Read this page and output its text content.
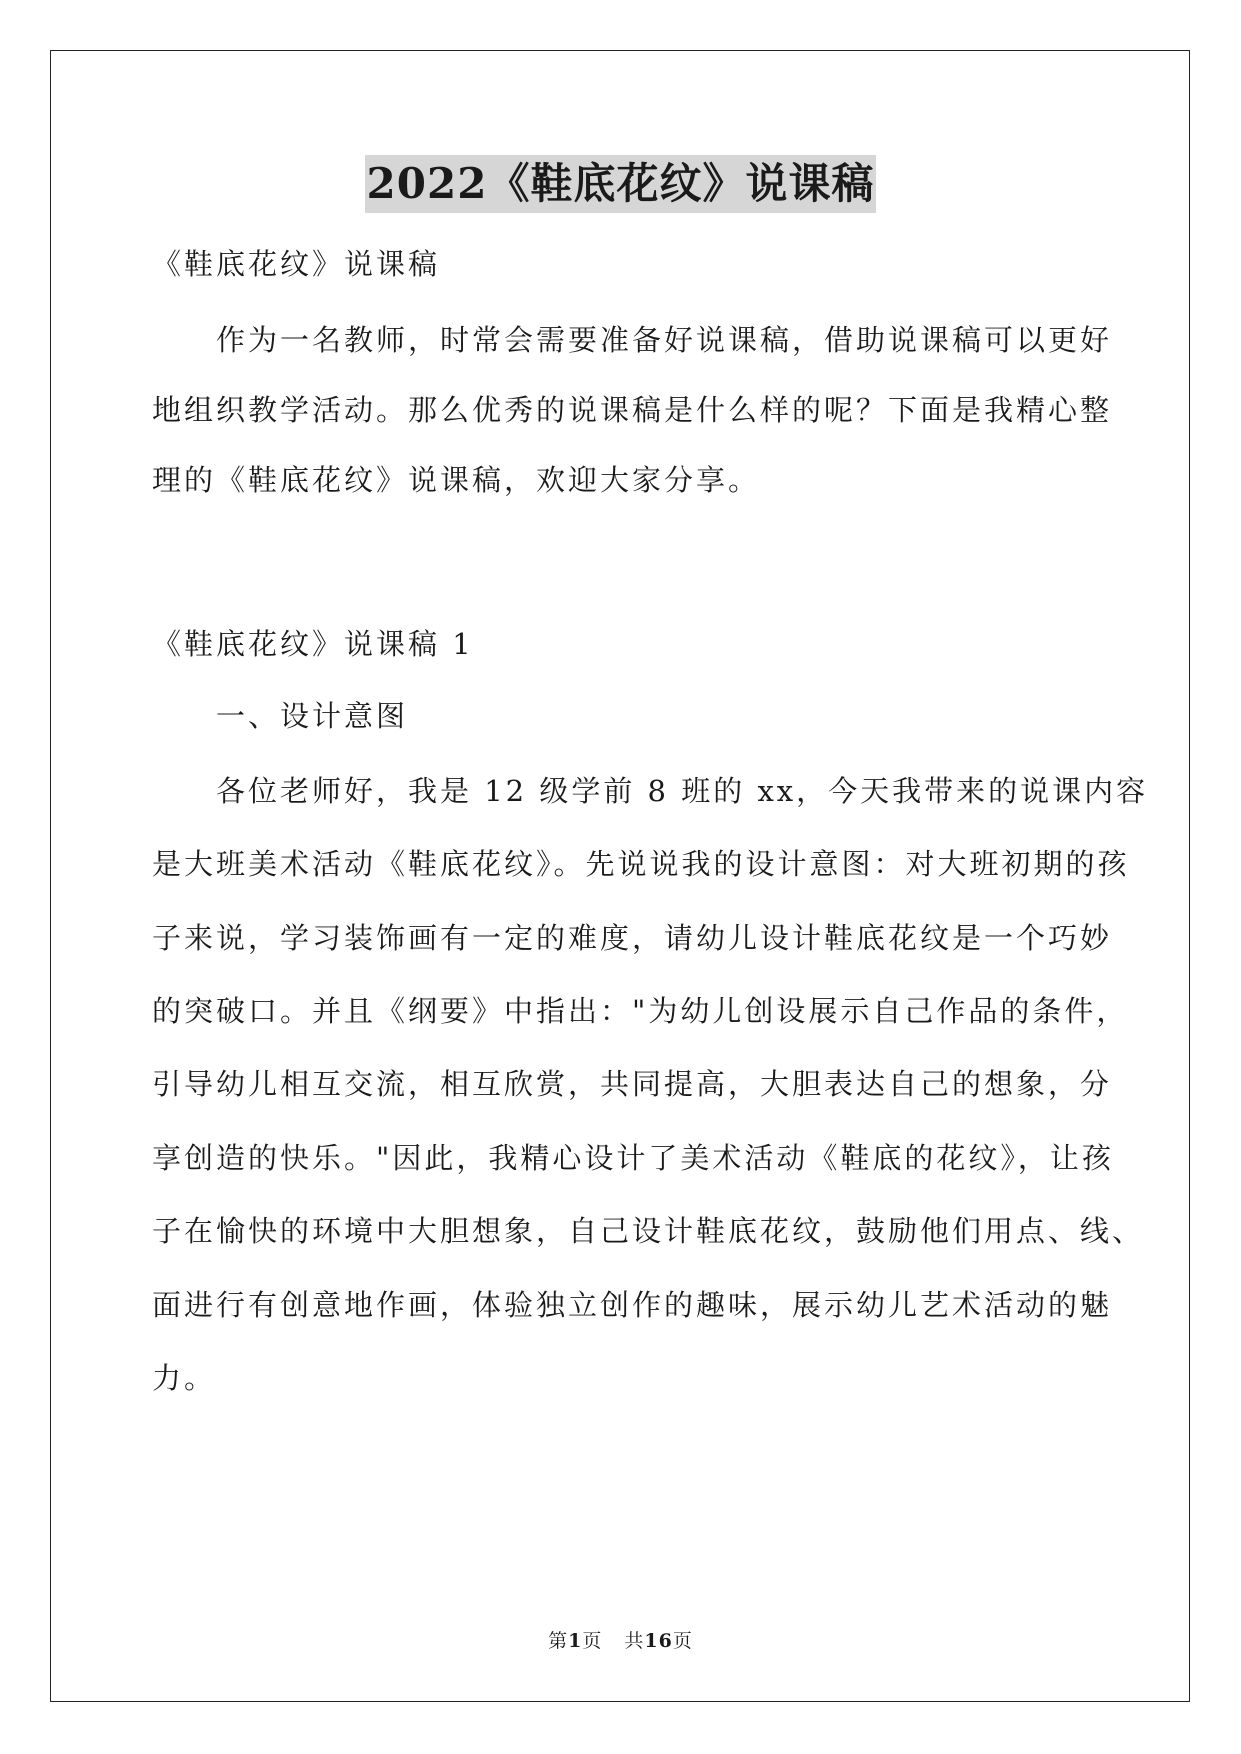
2022《鞋底花纹》说课稿
《鞋底花纹》说课稿
　　作为一名教师，时常会需要准备好说课稿，借助说课稿可以更好
地组织教学活动。那么优秀的说课稿是什么样的呢？下面是我精心整
理的《鞋底花纹》说课稿，欢迎大家分享。
《鞋底花纹》说课稿 1
　　一、设计意图
　　各位老师好，我是 12 级学前 8 班的 xx，今天我带来的说课内容
是大班美术活动《鞋底花纹》。先说说我的设计意图：对大班初期的孩
子来说，学习装饰画有一定的难度，请幼儿设计鞋底花纹是一个巧妙
的突破口。并且《纲要》中指出："为幼儿创设展示自己作品的条件，
引导幼儿相互交流，相互欣赏，共同提高，大胆表达自己的想象，分
享创造的快乐。"因此，我精心设计了美术活动《鞋底的花纹》，让孩
子在愉快的环境中大胆想象，自己设计鞋底花纹，鼓励他们用点、线、
面进行有创意地作画，体验独立创作的趣味，展示幼儿艺术活动的魅
力。
第1页 共16页
